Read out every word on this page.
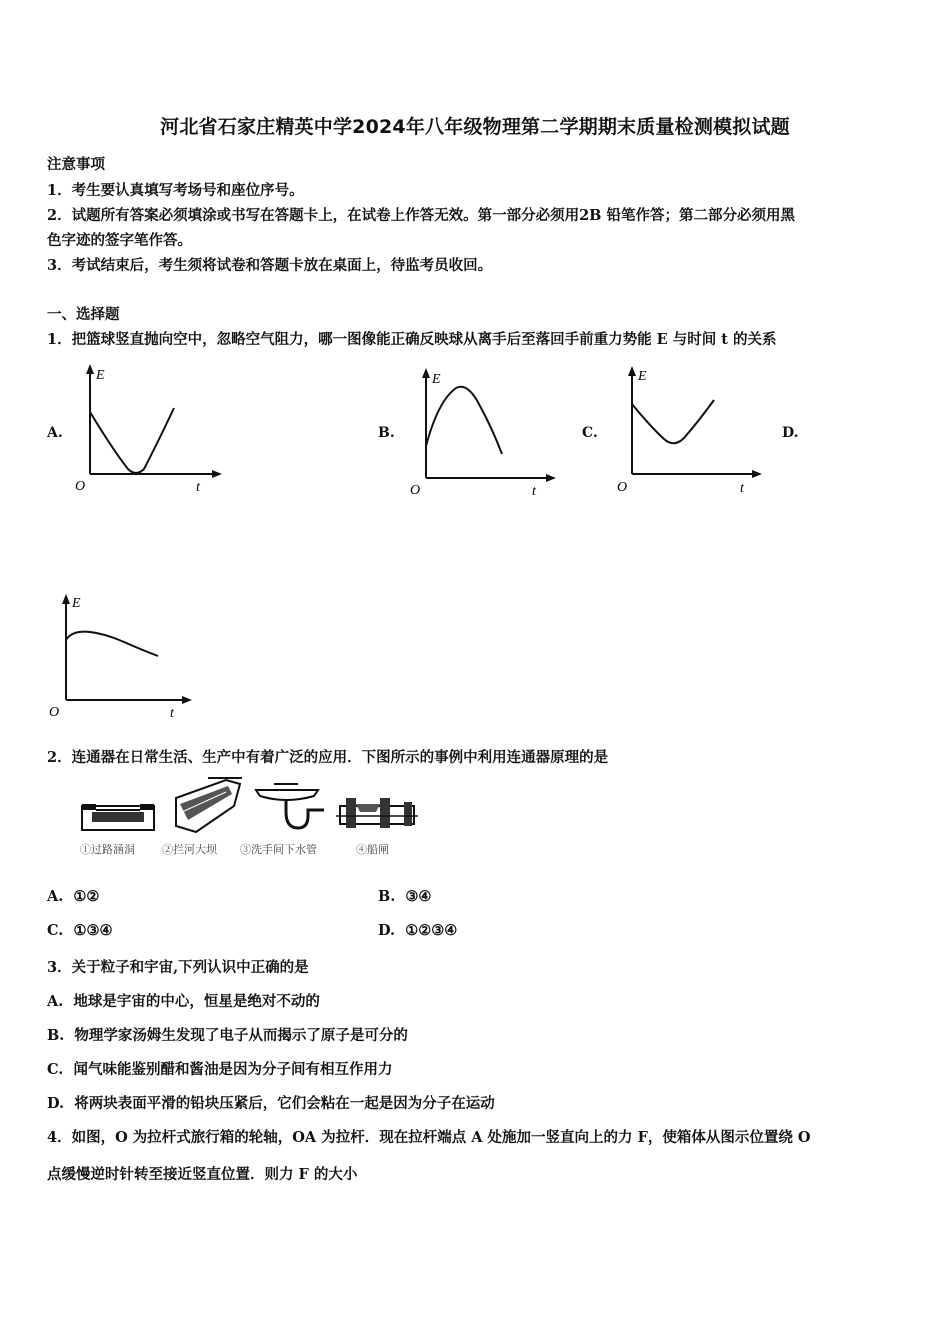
河北省石家庄精英中学2024年八年级物理第二学期期末质量检测模拟试题
注意事项
1．考生要认真填写考场号和座位序号。
2．试题所有答案必须填涂或书写在答题卡上，在试卷上作答无效。第一部分必须用2B 铅笔作答；第二部分必须用黑
色字迹的签字笔作答。
3．考试结束后，考生须将试卷和答题卡放在桌面上，待监考员收回。
一、选择题
1．把篮球竖直抛向空中，忽略空气阻力，哪一图像能正确反映球从离手后至落回手前重力势能 E 与时间 t 的关系
A.	B.	C.	D.
E
t
O
E
t
O
E
t
O
E
t
O
2．连通器在日常生活、生产中有着广泛的应用．下图所示的事例中利用连通器原理的是
①过路涵洞 ②拦河大坝 ③洗手间下水管	④船闸
A. ①②	B. ③④
C. ①③④	D. ①②③④
3．关于粒子和宇宙,下列认识中正确的是
A. 地球是宇宙的中心，恒星是绝对不动的
B. 物理学家汤姆生发现了电子从而揭示了原子是可分的
C. 闻气味能鉴别醋和酱油是因为分子间有相互作用力
D. 将两块表面平滑的铅块压紧后，它们会粘在一起是因为分子在运动
4．如图，O 为拉杆式旅行箱的轮轴，OA 为拉杆．现在拉杆端点 A 处施加一竖直向上的力 F，使箱体从图示位置绕 O
点缓慢逆时针转至接近竖直位置．则力 F 的大小
